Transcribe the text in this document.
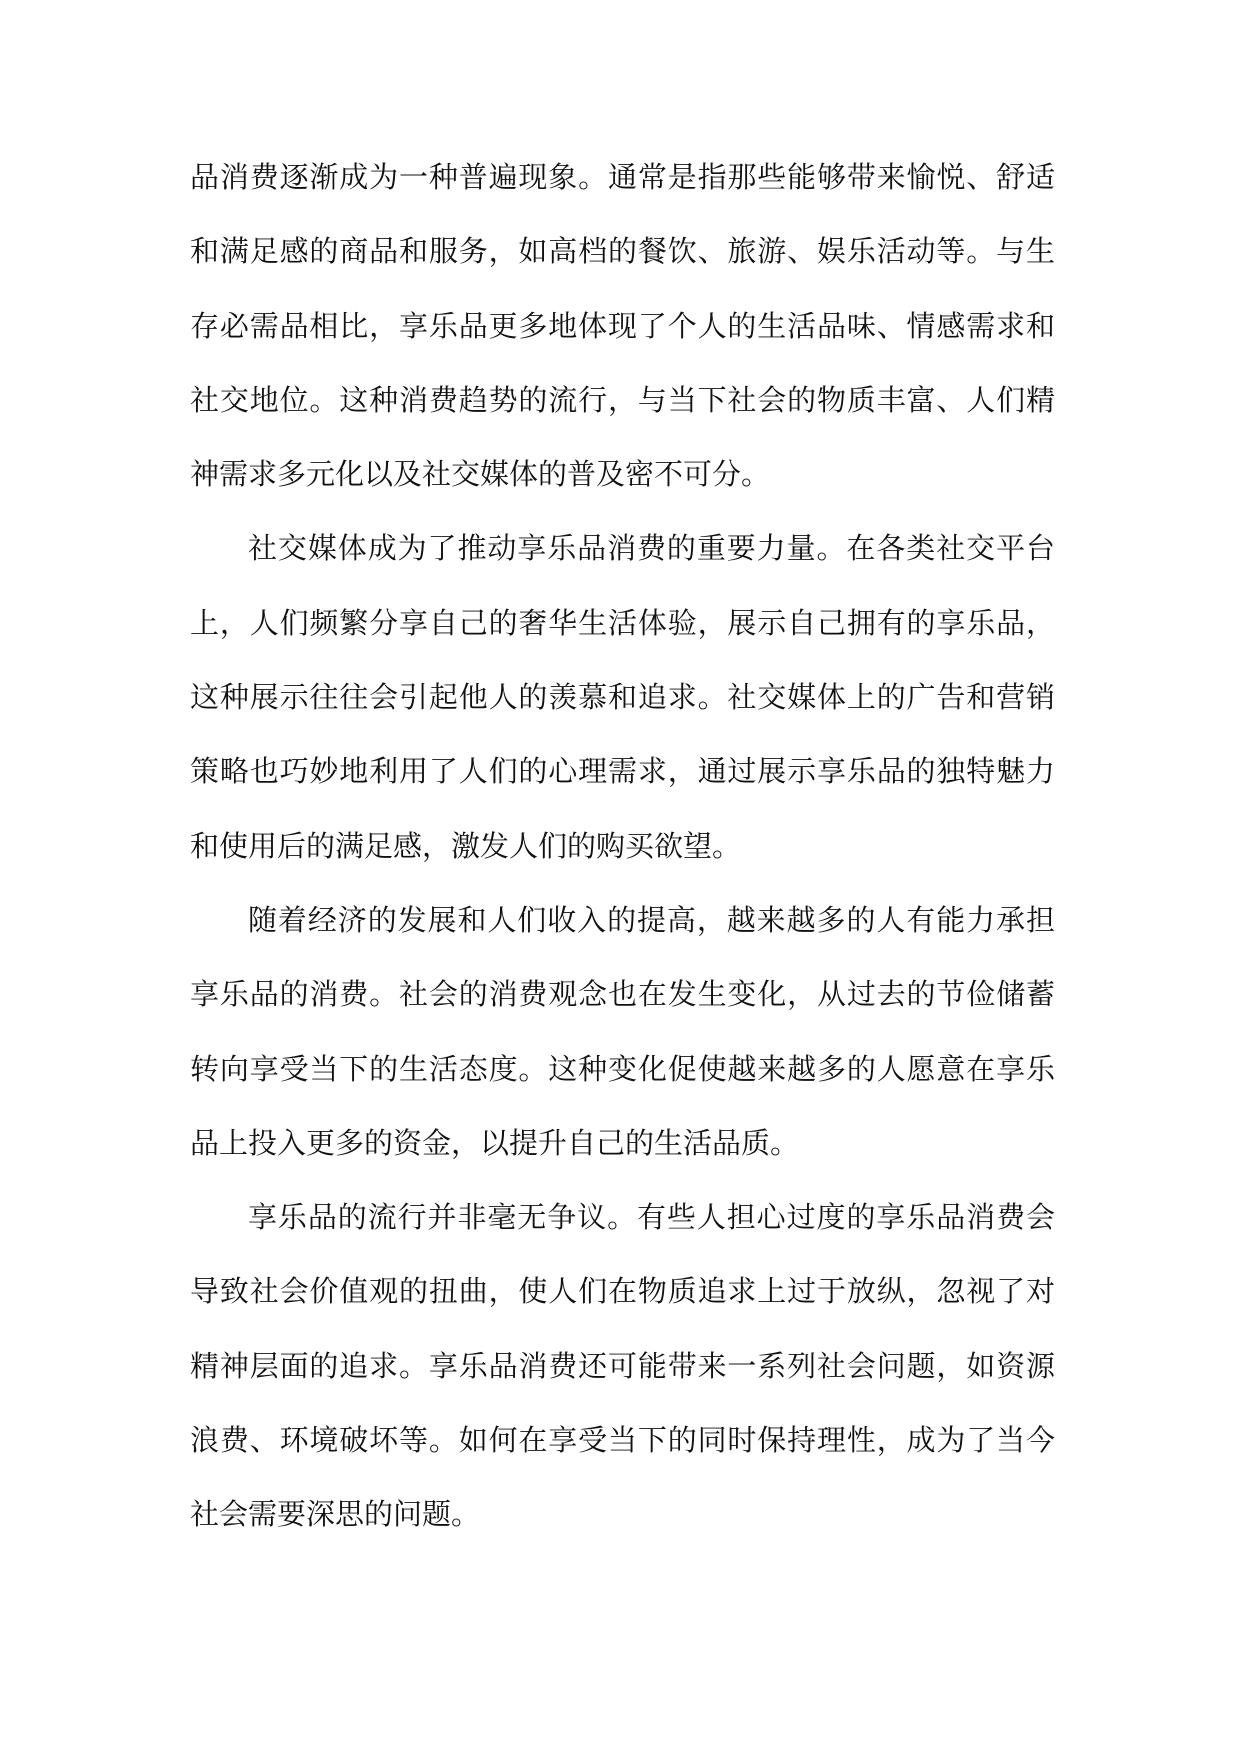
品消费逐渐成为一种普遍现象。通常是指那些能够带来愉悦、舒适和满足感的商品和服务，如高档的餐饮、旅游、娱乐活动等。与生存必需品相比，享乐品更多地体现了个人的生活品味、情感需求和社交地位。这种消费趋势的流行，与当下社会的物质丰富、人们精神需求多元化以及社交媒体的普及密不可分。

社交媒体成为了推动享乐品消费的重要力量。在各类社交平台上，人们频繁分享自己的奢华生活体验，展示自己拥有的享乐品，这种展示往往会引起他人的羡慕和追求。社交媒体上的广告和营销策略也巧妙地利用了人们的心理需求，通过展示享乐品的独特魅力和使用后的满足感，激发人们的购买欲望。

随着经济的发展和人们收入的提高，越来越多的人有能力承担享乐品的消费。社会的消费观念也在发生变化，从过去的节俭储蓄转向享受当下的生活态度。这种变化促使越来越多的人愿意在享乐品上投入更多的资金，以提升自己的生活品质。

享乐品的流行并非毫无争议。有些人担心过度的享乐品消费会导致社会价值观的扭曲，使人们在物质追求上过于放纵，忽视了对精神层面的追求。享乐品消费还可能带来一系列社会问题，如资源浪费、环境破坏等。如何在享受当下的同时保持理性，成为了当今社会需要深思的问题。
